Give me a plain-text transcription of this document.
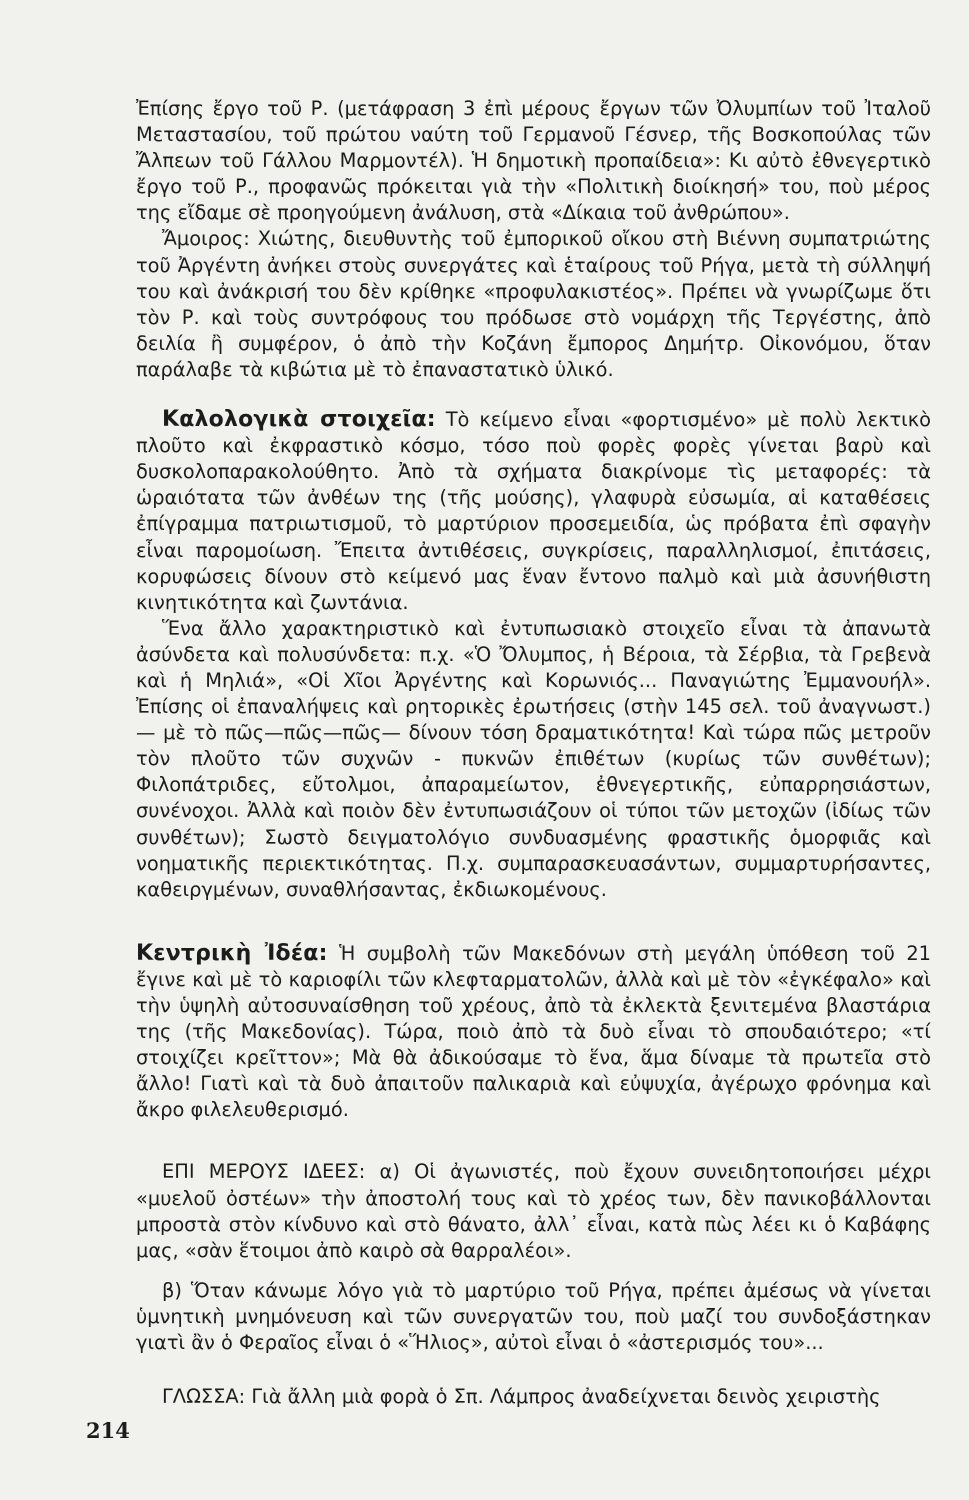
Ἐπίσης ἔργο τοῦ Ρ. (μετάφραση 3 ἐπὶ μέρους ἔργων τῶν Ὀλυμπίων τοῦ Ἰταλοῦ Μεταστασίου, τοῦ πρώτου ναύτη τοῦ Γερμανοῦ Γέσνερ, τῆς Βοσκοπούλας τῶν Ἄλπεων τοῦ Γάλλου Μαρμοντέλ). Ἡ δημοτικὴ προπαίδεια»: Κι αὐτὸ ἐθνεγερτικὸ ἔργο τοῦ Ρ., προφανῶς πρόκειται γιὰ τὴν «Πολιτικὴ διοίκησή» του, ποὺ μέρος της εἴδαμε σὲ προηγούμενη ἀνάλυση, στὰ «Δίκαια τοῦ ἀνθρώπου».

Ἄμοιρος: Χιώτης, διευθυντὴς τοῦ ἐμπορικοῦ οἴκου στὴ Βιέννη συμπατριώτης τοῦ Ἀργέντη ἀνήκει στοὺς συνεργάτες καὶ ἑταίρους τοῦ Ρήγα, μετὰ τὴ σύλληψή του καὶ ἀνάκρισή του δὲν κρίθηκε «προφυλακιστέος». Πρέπει νὰ γνωρίζωμε ὅτι τὸν Ρ. καὶ τοὺς συντρόφους του πρόδωσε στὸ νομάρχη τῆς Τεργέστης, ἀπὸ δειλία ἢ συμφέρον, ὁ ἀπὸ τὴν Κοζάνη ἔμπορος Δημήτρ. Οἰκονόμου, ὅταν παράλαβε τὰ κιβώτια μὲ τὸ ἐπαναστατικὸ ὑλικό.

Καλολογικὰ στοιχεῖα: Τὸ κείμενο εἶναι «φορτισμένο» μὲ πολὺ λεκτικὸ πλοῦτο καὶ ἐκφραστικὸ κόσμο, τόσο ποὺ φορὲς φορὲς γίνεται βαρὺ καὶ δυσκολοπαρακολούθητο. Ἀπὸ τὰ σχήματα διακρίνομε τὶς μεταφορές: τὰ ὡραιότατα τῶν ἀνθέων της (τῆς μούσης), γλαφυρὰ εὐσωμία, αἱ καταθέσεις ἐπίγραμμα πατριωτισμοῦ, τὸ μαρτύριον προσεμειδία, ὡς πρόβατα ἐπὶ σφαγὴν εἶναι παρομοίωση. Ἔπειτα ἀντιθέσεις, συγκρίσεις, παραλληλισμοί, ἐπιτάσεις, κορυφώσεις δίνουν στὸ κείμενό μας ἕναν ἔντονο παλμὸ καὶ μιὰ ἀσυνήθιστη κινητικότητα καὶ ζωντάνια.

Ἕνα ἄλλο χαρακτηριστικὸ καὶ ἐντυπωσιακὸ στοιχεῖο εἶναι τὰ ἀπανωτὰ ἀσύνδετα καὶ πολυσύνδετα: π.χ. «Ὁ Ὄλυμπος, ἡ Βέροια, τὰ Σέρβια, τὰ Γρεβενὰ καὶ ἡ Μηλιά», «Οἱ Χῖοι Ἀργέντης καὶ Κορωνιός... Παναγιώτης Ἐμμανουήλ». Ἐπίσης οἱ ἐπαναλήψεις καὶ ρητορικὲς ἐρωτήσεις (στὴν 145 σελ. τοῦ ἀναγνωστ.) — μὲ τὸ πῶς—πῶς—πῶς— δίνουν τόση δραματικότητα! Καὶ τώρα πῶς μετροῦν τὸν πλοῦτο τῶν συχνῶν - πυκνῶν ἐπιθέτων (κυρίως τῶν συνθέτων); Φιλοπάτριδες, εὔτολμοι, ἀπαραμείωτον, ἐθνεγερτικῆς, εὐπαρρησιάστων, συνένοχοι. Ἀλλὰ καὶ ποιὸν δὲν ἐντυπωσιάζουν οἱ τύποι τῶν μετοχῶν (ἰδίως τῶν συνθέτων); Σωστὸ δειγματολόγιο συνδυασμένης φραστικῆς ὁμορφιᾶς καὶ νοηματικῆς περιεκτικότητας. Π.χ. συμπαρασκευασάντων, συμμαρτυρήσαντες, καθειργμένων, συναθλήσαντας, ἐκδιωκομένους.

Κεντρικὴ Ἰδέα: Ἡ συμβολὴ τῶν Μακεδόνων στὴ μεγάλη ὑπόθεση τοῦ 21 ἔγινε καὶ μὲ τὸ καριοφίλι τῶν κλεφταρματολῶν, ἀλλὰ καὶ μὲ τὸν «ἐγκέφαλο» καὶ τὴν ὑψηλὴ αὐτοσυναίσθηση τοῦ χρέους, ἀπὸ τὰ ἐκλεκτὰ ξενιτεμένα βλαστάρια της (τῆς Μακεδονίας). Τώρα, ποιὸ ἀπὸ τὰ δυὸ εἶναι τὸ σπουδαιότερο; «τί στοιχίζει κρεῖττον»; Μὰ θὰ ἀδικούσαμε τὸ ἕνα, ἅμα δίναμε τὰ πρωτεῖα στὸ ἄλλο! Γιατὶ καὶ τὰ δυὸ ἀπαιτοῦν παλικαριὰ καὶ εὐψυχία, ἀγέρωχο φρόνημα καὶ ἄκρο φιλελευθερισμό.

ΕΠΙ ΜΕΡΟΥΣ ΙΔΕΕΣ: α) Οἱ ἀγωνιστές, ποὺ ἔχουν συνειδητοποιήσει μέχρι «μυελοῦ ὀστέων» τὴν ἀποστολή τους καὶ τὸ χρέος των, δὲν πανικοβάλλονται μπροστὰ στὸν κίνδυνο καὶ στὸ θάνατο, ἀλλ᾽ εἶναι, κατὰ πὼς λέει κι ὁ Καβάφης μας, «σὰν ἕτοιμοι ἀπὸ καιρὸ σὰ θαρραλέοι».

β) Ὅταν κάνωμε λόγο γιὰ τὸ μαρτύριο τοῦ Ρήγα, πρέπει ἀμέσως νὰ γίνεται ὑμνητικὴ μνημόνευση καὶ τῶν συνεργατῶν του, ποὺ μαζί του συνδοξάστηκαν γιατὶ ἂν ὁ Φεραῖος εἶναι ὁ «Ἥλιος», αὐτοὶ εἶναι ὁ «ἀστερισμός του»...

ΓΛΩΣΣΑ: Γιὰ ἄλλη μιὰ φορὰ ὁ Σπ. Λάμπρος ἀναδείχνεται δεινὸς χειριστὴς

214
